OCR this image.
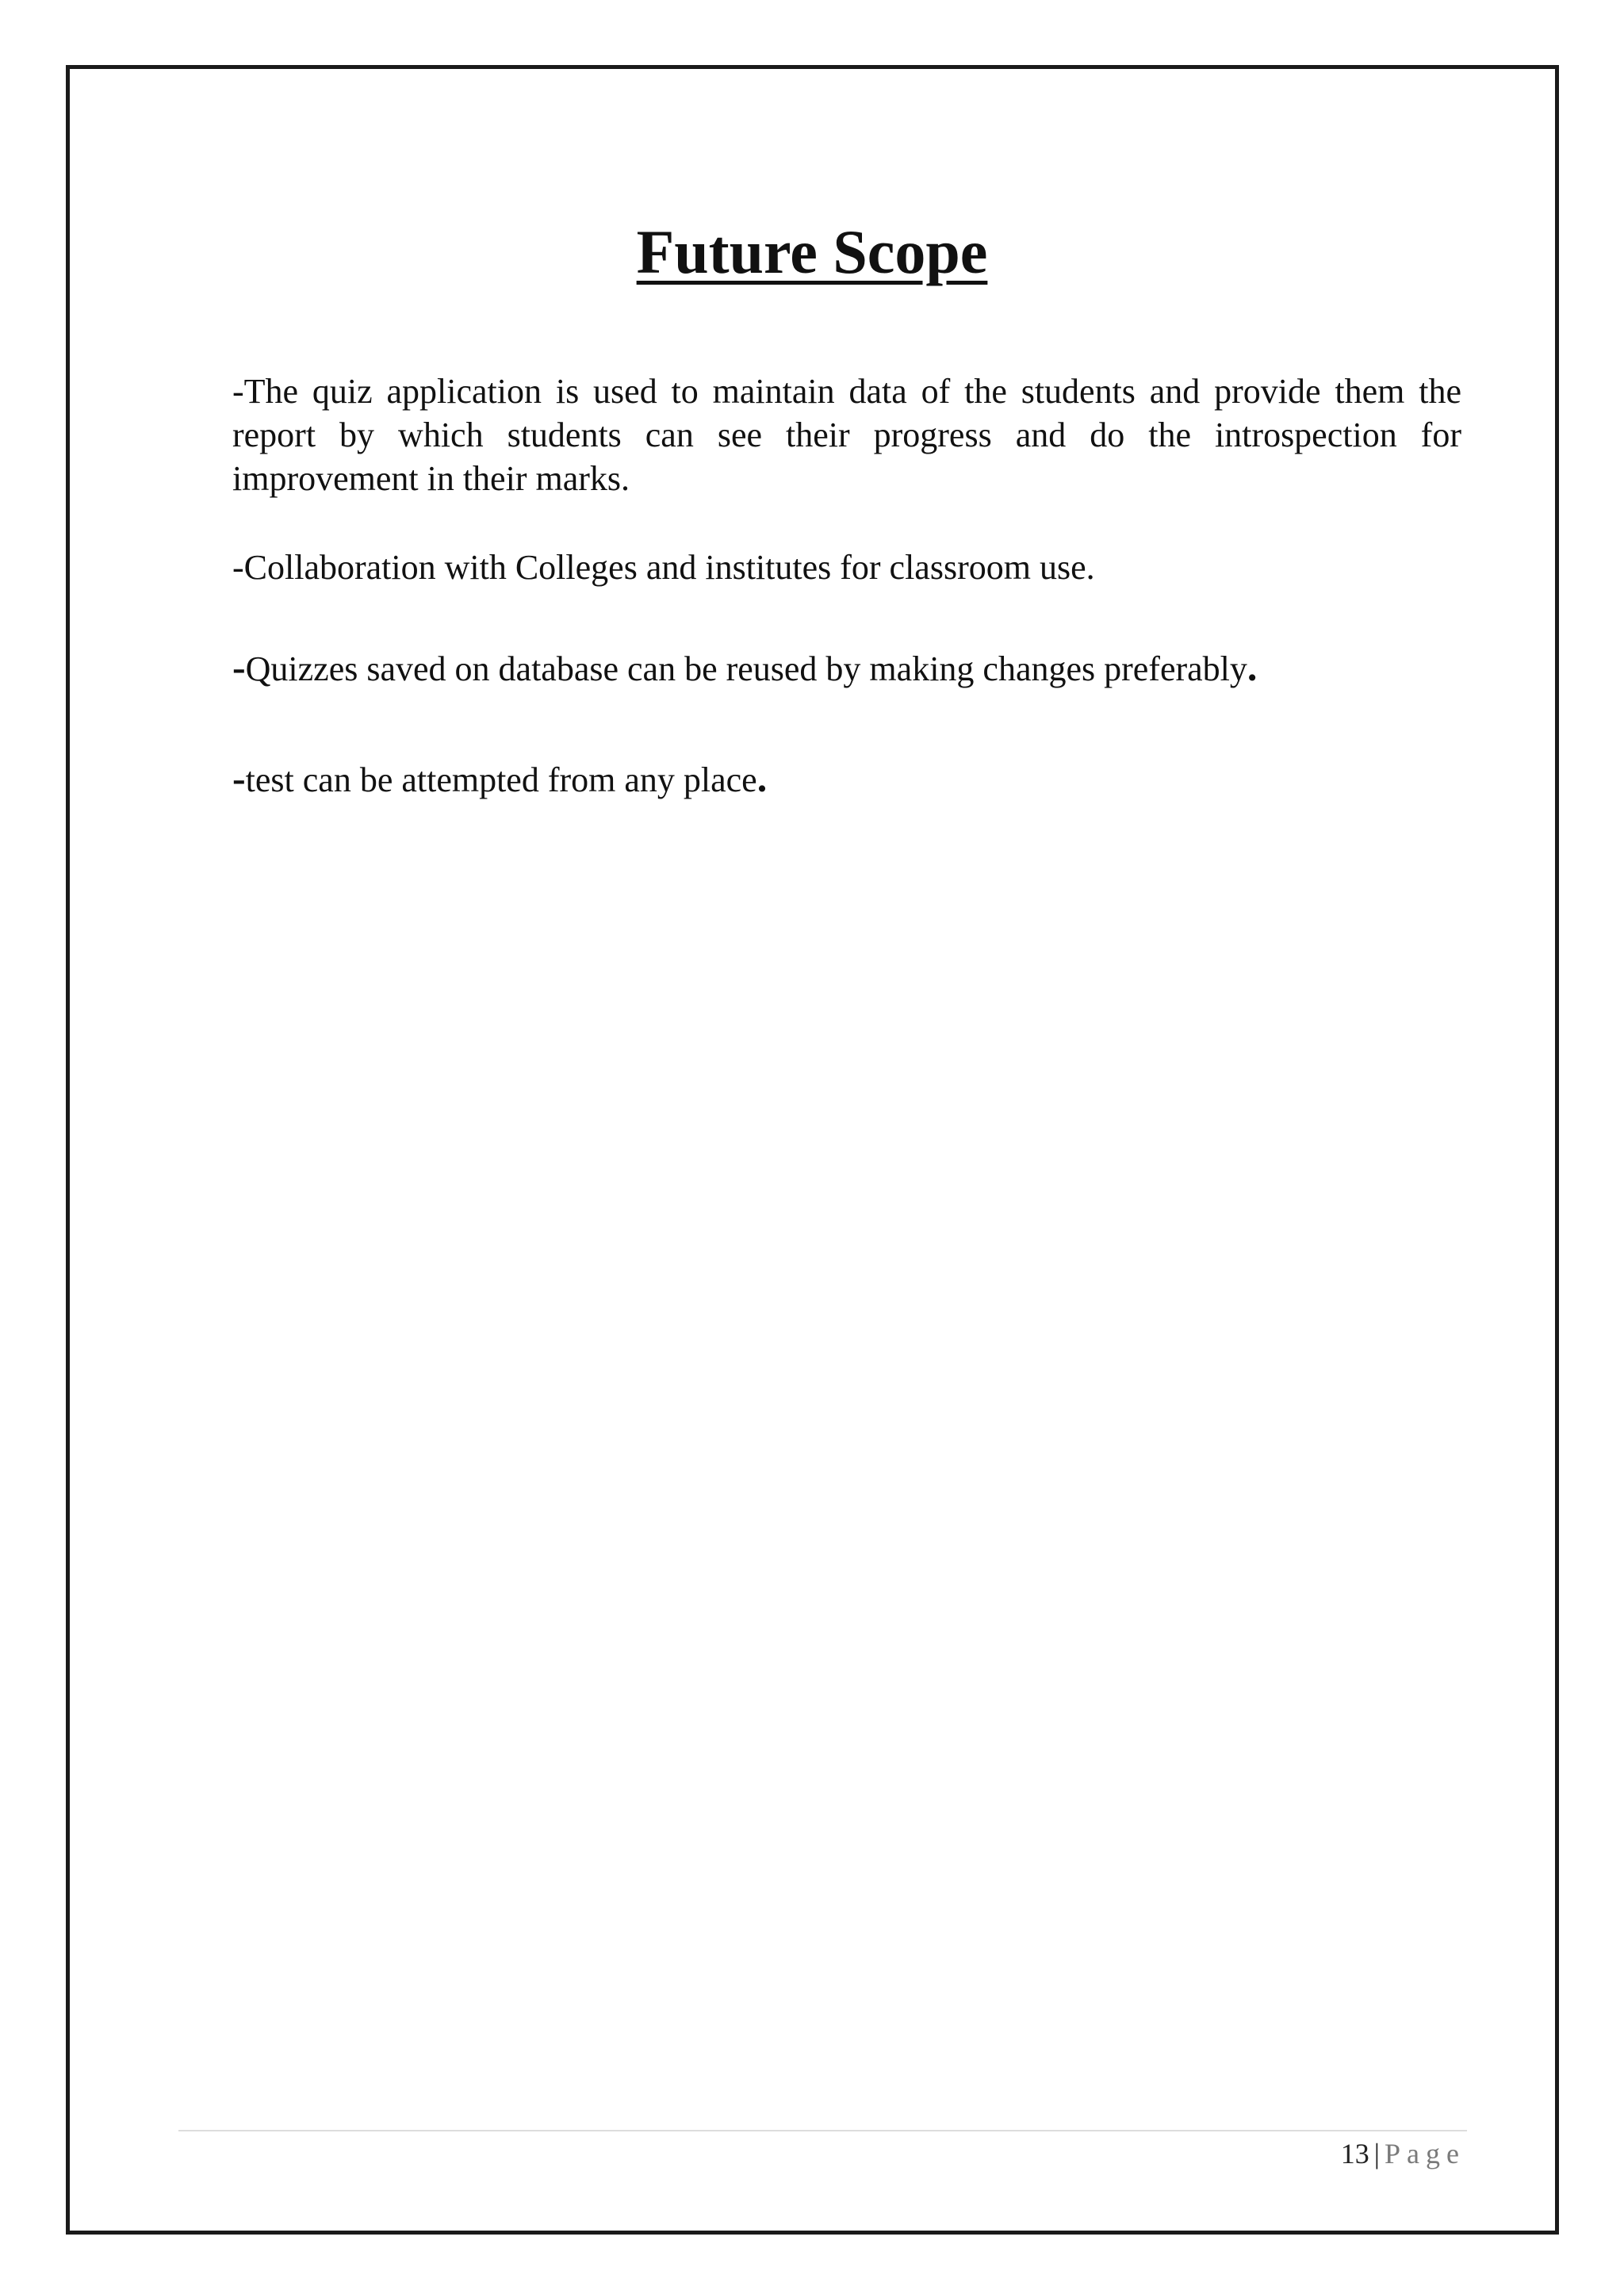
Future Scope

-The quiz application is used to maintain data of the students and provide them the report by which students can see their progress and do the introspection for improvement in their marks.

-Collaboration with Colleges and institutes for classroom use.

-Quizzes saved on database can be reused by making changes preferably.

-test can be attempted from any place.

13 | Page
